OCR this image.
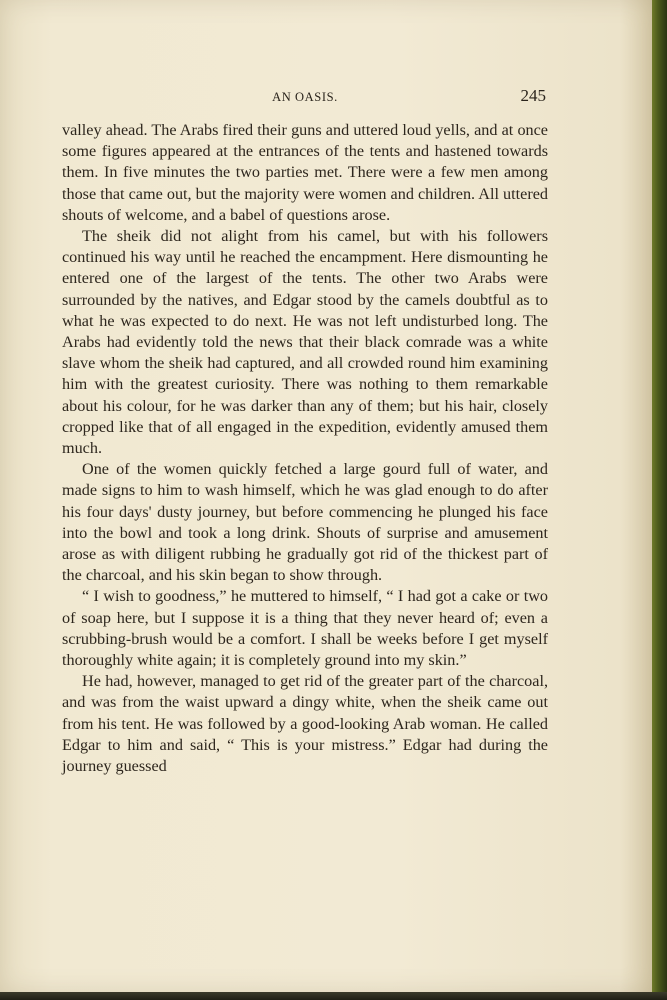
AN OASIS.	245

valley ahead. The Arabs fired their guns and uttered loud yells, and at once some figures appeared at the entrances of the tents and hastened towards them. In five minutes the two parties met. There were a few men among those that came out, but the majority were women and children. All uttered shouts of welcome, and a babel of questions arose.

The sheik did not alight from his camel, but with his followers continued his way until he reached the encampment. Here dismounting he entered one of the largest of the tents. The other two Arabs were surrounded by the natives, and Edgar stood by the camels doubtful as to what he was expected to do next. He was not left undisturbed long. The Arabs had evidently told the news that their black comrade was a white slave whom the sheik had captured, and all crowded round him examining him with the greatest curiosity. There was nothing to them remarkable about his colour, for he was darker than any of them; but his hair, closely cropped like that of all engaged in the expedition, evidently amused them much.

One of the women quickly fetched a large gourd full of water, and made signs to him to wash himself, which he was glad enough to do after his four days' dusty journey, but before commencing he plunged his face into the bowl and took a long drink. Shouts of surprise and amusement arose as with diligent rubbing he gradually got rid of the thickest part of the charcoal, and his skin began to show through.

“ I wish to goodness,” he muttered to himself, “ I had got a cake or two of soap here, but I suppose it is a thing that they never heard of; even a scrubbing-brush would be a comfort. I shall be weeks before I get myself thoroughly white again; it is completely ground into my skin.”

He had, however, managed to get rid of the greater part of the charcoal, and was from the waist upward a dingy white, when the sheik came out from his tent. He was followed by a good-looking Arab woman. He called Edgar to him and said, “ This is your mistress.” Edgar had during the journey guessed
